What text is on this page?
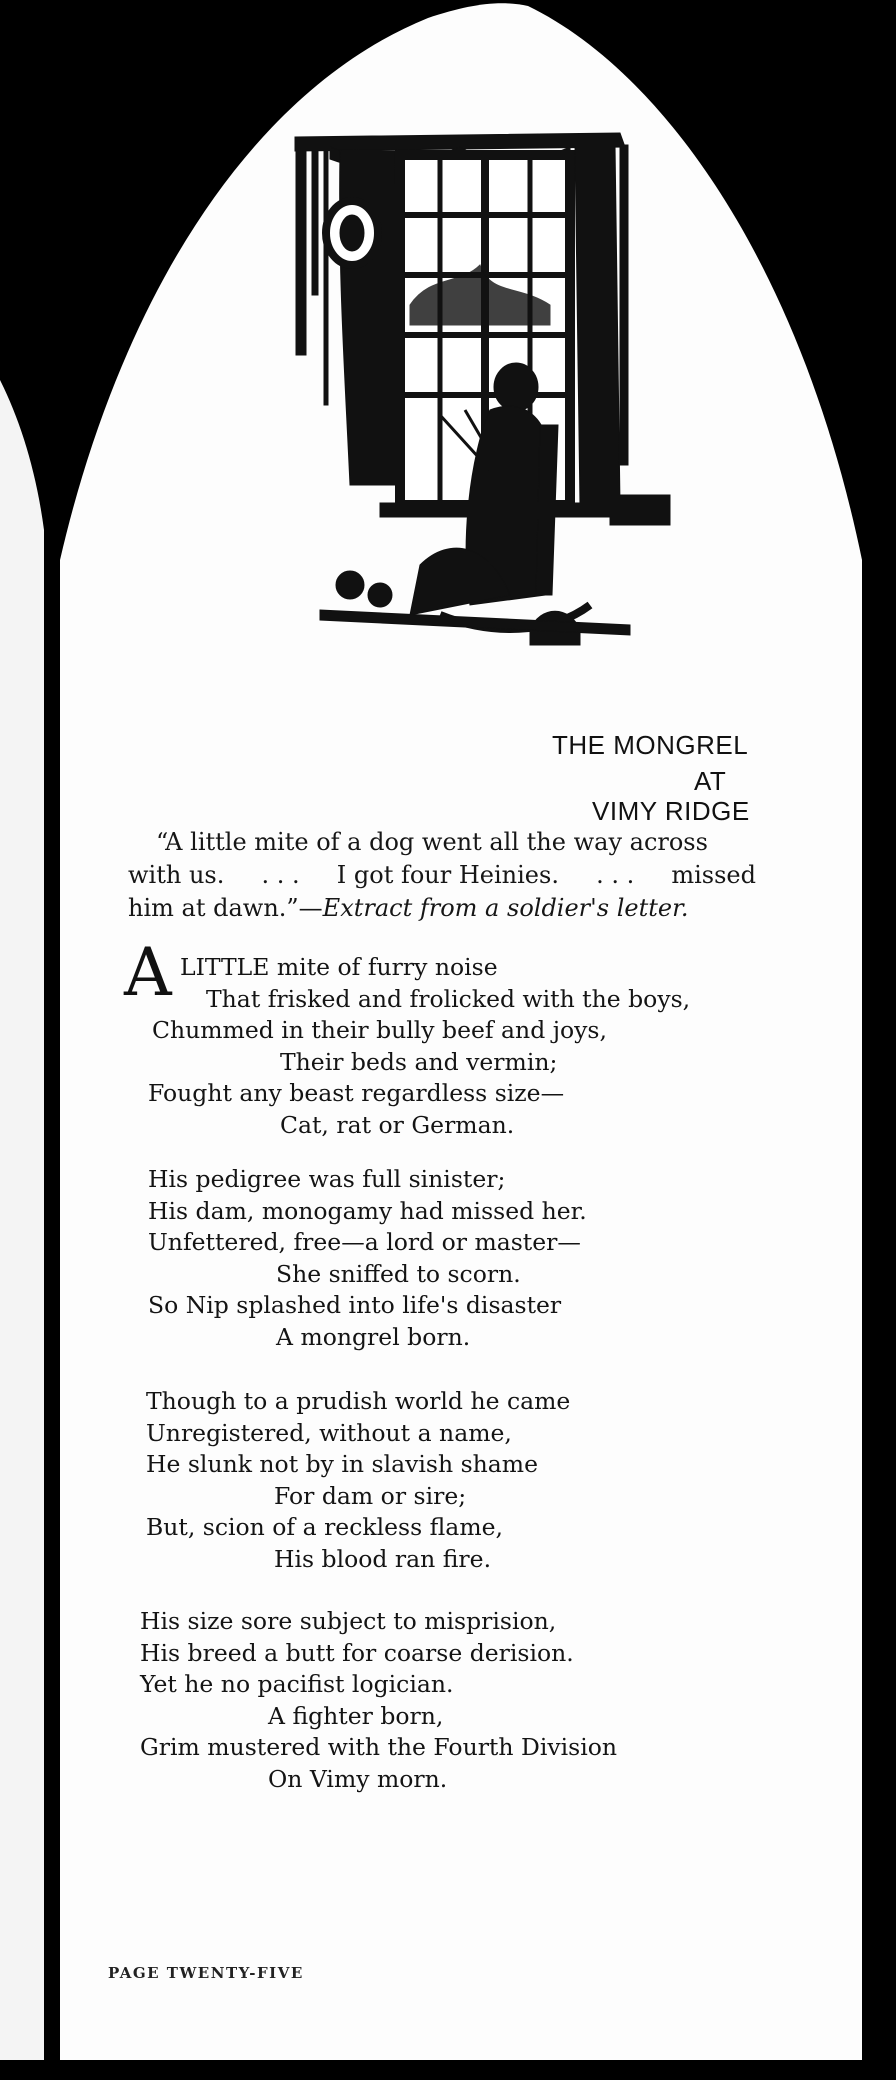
THE MONGREL
AT
VIMY RIDGE
“A little mite of a dog went all the way across
with us. . . . I got four Heinies. . . . missed
him at dawn.”—Extract from a soldier's letter.
A LITTLE mite of furry noise
That frisked and frolicked with the boys,
Chummed in their bully beef and joys,
Their beds and vermin;
Fought any beast regardless size—
Cat, rat or German.
His pedigree was full sinister;
His dam, monogamy had missed her.
Unfettered, free—a lord or master—
She sniffed to scorn.
So Nip splashed into life's disaster
A mongrel born.
Though to a prudish world he came
Unregistered, without a name,
He slunk not by in slavish shame
For dam or sire;
But, scion of a reckless flame,
His blood ran fire.
His size sore subject to misprision,
His breed a butt for coarse derision.
Yet he no pacifist logician.
A fighter born,
Grim mustered with the Fourth Division
On Vimy morn.
PAGE TWENTY-FIVE
